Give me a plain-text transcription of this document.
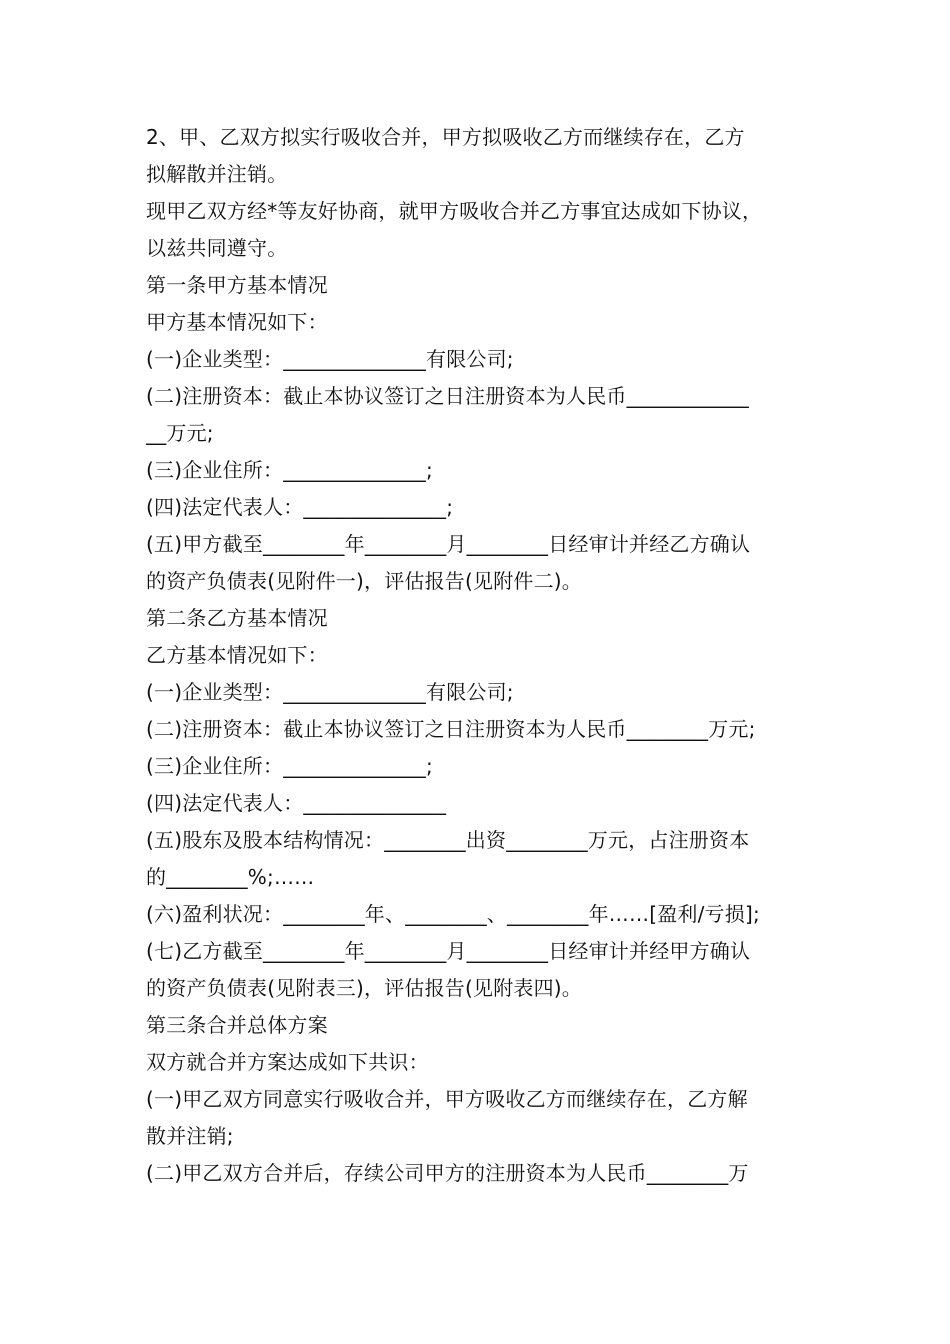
2、甲、乙双方拟实行吸收合并，甲方拟吸收乙方而继续存在，乙方
拟解散并注销。
现甲乙双方经*等友好协商，就甲方吸收合并乙方事宜达成如下协议，
以兹共同遵守。
第一条甲方基本情况
甲方基本情况如下：
(一)企业类型：______________有限公司;
(二)注册资本：截止本协议签订之日注册资本为人民币____________
__万元;
(三)企业住所：______________;
(四)法定代表人：______________;
(五)甲方截至________年________月________日经审计并经乙方确认
的资产负债表(见附件一)，评估报告(见附件二)。
第二条乙方基本情况
乙方基本情况如下：
(一)企业类型：______________有限公司;
(二)注册资本：截止本协议签订之日注册资本为人民币________万元;
(三)企业住所：______________;
(四)法定代表人：______________
(五)股东及股本结构情况：________出资________万元，占注册资本
的________%;……
(六)盈利状况：________年、________、________年……[盈利/亏损];
(七)乙方截至________年________月________日经审计并经甲方确认
的资产负债表(见附表三)，评估报告(见附表四)。
第三条合并总体方案
双方就合并方案达成如下共识：
(一)甲乙双方同意实行吸收合并，甲方吸收乙方而继续存在，乙方解
散并注销;
(二)甲乙双方合并后，存续公司甲方的注册资本为人民币________万
